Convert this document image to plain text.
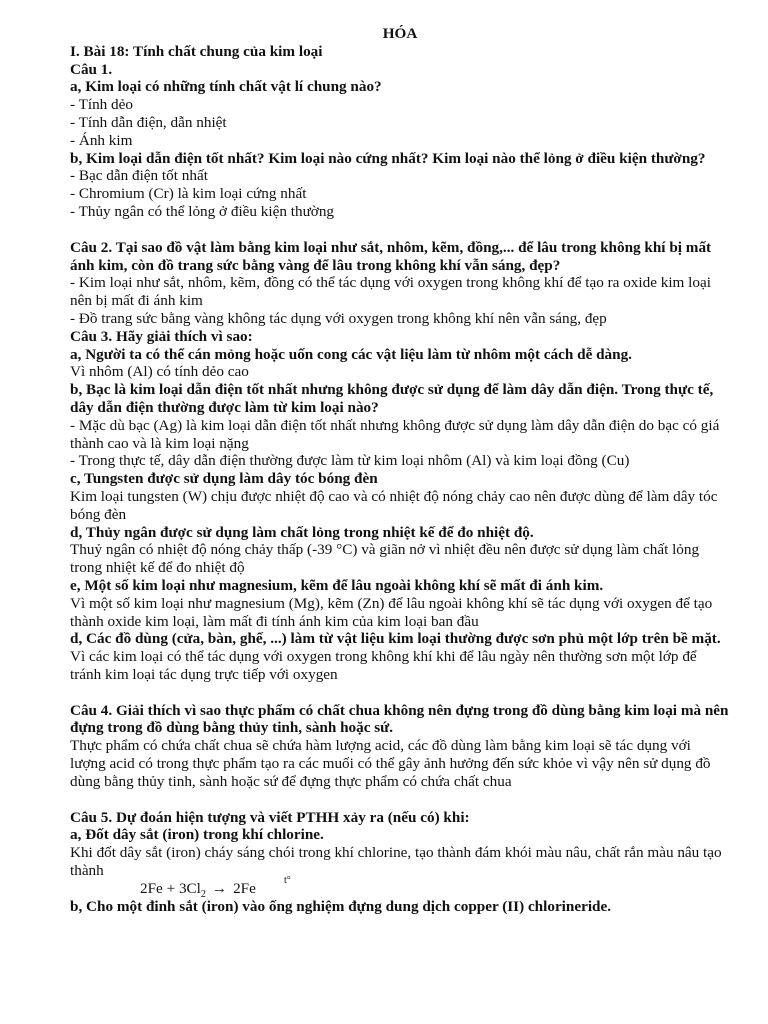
HÓA

I. Bài 18: Tính chất chung của kim loại

Câu 1.

a, Kim loại có những tính chất vật lí chung nào?

- Tính dẻo

- Tính dẫn điện, dẫn nhiệt

- Ánh kim

b, Kim loại dẫn điện tốt nhất? Kim loại nào cứng nhất? Kim loại nào thể lỏng ở điều kiện thường?

- Bạc dẫn điện tốt nhất

- Chromium (Cr) là kim loại cứng nhất

- Thủy ngân có thể lỏng ở điều kiện thường

Câu 2. Tại sao đồ vật làm bằng kim loại như sắt, nhôm, kẽm, đồng,... để lâu trong không khí bị mất ánh kim, còn đồ trang sức bằng vàng để lâu trong không khí vẫn sáng, đẹp?

- Kim loại như sắt, nhôm, kẽm, đồng có thể tác dụng với oxygen trong không khí để tạo ra oxide kim loại nên bị mất đi ánh kim

- Đồ trang sức bằng vàng không tác dụng với oxygen trong không khí nên vẫn sáng, đẹp

Câu 3. Hãy giải thích vì sao:

a, Người ta có thể cán mỏng hoặc uốn cong các vật liệu làm từ nhôm một cách dễ dàng.

Vì nhôm (Al) có tính dẻo cao

b, Bạc là kim loại dẫn điện tốt nhất nhưng không được sử dụng để làm dây dẫn điện. Trong thực tế, dây dẫn điện thường được làm từ kim loại nào?

- Mặc dù bạc (Ag) là kim loại dẫn điện tốt nhất nhưng không được sử dụng làm dây dẫn điện do bạc có giá thành cao và là kim loại nặng

- Trong thực tế, dây dẫn điện thường được làm từ kim loại nhôm (Al) và kim loại đồng (Cu)

c, Tungsten được sử dụng làm dây tóc bóng đèn

Kim loại tungsten (W) chịu được nhiệt độ cao và có nhiệt độ nóng chảy cao nên được dùng để làm dây tóc bóng đèn

d, Thủy ngân được sử dụng làm chất lỏng trong nhiệt kế để đo nhiệt độ.

Thuỷ ngân có nhiệt độ nóng chảy thấp (-39 °C) và giãn nở vì nhiệt đều nên được sử dụng làm chất lỏng trong nhiệt kế để đo nhiệt độ

e, Một số kim loại như magnesium, kẽm để lâu ngoài không khí sẽ mất đi ánh kim.

Vì một số kim loại như magnesium (Mg), kẽm (Zn) để lâu ngoài không khí sẽ tác dụng với oxygen để tạo thành oxide kim loại, làm mất đi tính ánh kim của kim loại ban đầu

d, Các đồ dùng (cửa, bàn, ghế, ...) làm từ vật liệu kim loại thường được sơn phủ một lớp trên bề mặt.

Vì các kim loại có thể tác dụng với oxygen trong không khí khi để lâu ngày nên thường sơn một lớp để tránh kim loại tác dụng trực tiếp với oxygen

Câu 4. Giải thích vì sao thực phẩm có chất chua không nên đựng trong đồ dùng bằng kim loại mà nên đựng trong đồ dùng bằng thủy tinh, sành hoặc sứ.

Thực phẩm có chứa chất chua sẽ chứa hàm lượng acid, các đồ dùng làm bằng kim loại sẽ tác dụng với lượng acid có trong thực phẩm tạo ra các muối có thể gây ảnh hưởng đến sức khỏe vì vậy nên sử dụng đồ dùng bằng thủy tinh, sành hoặc sứ để đựng thực phẩm có chứa chất chua

Câu 5. Dự đoán hiện tượng và viết PTHH xảy ra (nếu có) khi:

a, Đốt dây sắt (iron) trong khí chlorine.

Khi đốt dây sắt (iron) cháy sáng chói trong khí chlorine, tạo thành đám khói màu nâu, chất rắn màu nâu tạo thành

$2Fe + 3Cl_2 \to 2Fe$	t°

b, Cho một đinh sắt (iron) vào ống nghiệm đựng dung dịch copper (II) chlorineride.
